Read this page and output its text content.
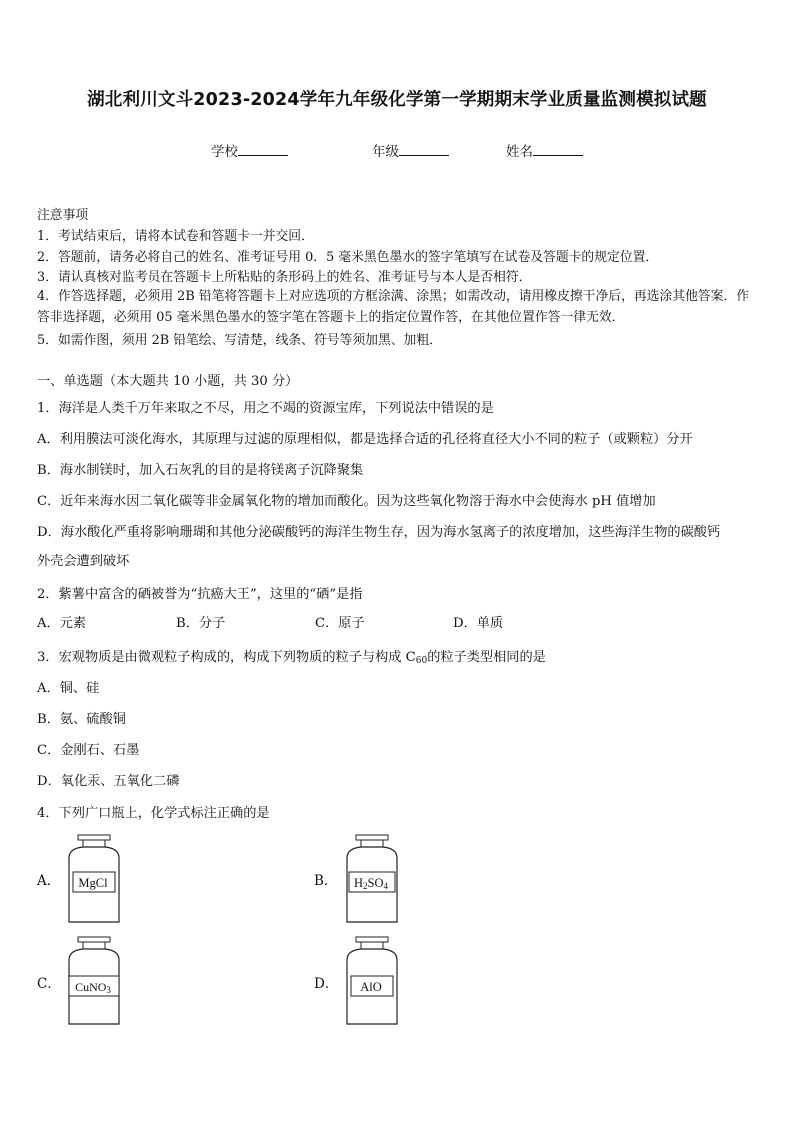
湖北利川文斗2023-2024学年九年级化学第一学期期末学业质量监测模拟试题
学校	年级	姓名
注意事项
1．考试结束后，请将本试卷和答题卡一并交回．
2．答题前，请务必将自己的姓名、准考证号用 0．5 毫米黑色墨水的签字笔填写在试卷及答题卡的规定位置．
3．请认真核对监考员在答题卡上所粘贴的条形码上的姓名、准考证号与本人是否相符．
4．作答选择题，必须用 2B 铅笔将答题卡上对应选项的方框涂满、涂黑；如需改动，请用橡皮擦干净后，再选涂其他答案．作答非选择题，必须用 05 毫米黑色墨水的签字笔在答题卡上的指定位置作答，在其他位置作答一律无效．
5．如需作图，须用 2B 铅笔绘、写清楚，线条、符号等须加黑、加粗．
一、单选题（本大题共 10 小题，共 30 分）
1．海洋是人类千万年来取之不尽，用之不竭的资源宝库，下列说法中错误的是
A．利用膜法可淡化海水，其原理与过滤的原理相似，都是选择合适的孔径将直径大小不同的粒子（或颗粒）分开
B．海水制镁时，加入石灰乳的目的是将镁离子沉降聚集
C．近年来海水因二氧化碳等非金属氧化物的增加而酸化。因为这些氧化物溶于海水中会使海水 pH 值增加
D．海水酸化严重将影响珊瑚和其他分泌碳酸钙的海洋生物生存，因为海水氢离子的浓度增加，这些海洋生物的碳酸钙
外壳会遭到破坏
2．紫薯中富含的硒被誉为“抗癌大王”，这里的“硒”是指
A．元素	B．分子	C．原子	D．单质
3．宏观物质是由微观粒子构成的，构成下列物质的粒子与构成 $C_{60}$的粒子类型相同的是
A．铜、硅
B．氨、硫酸铜
C．金刚石、石墨
D．氧化汞、五氧化二磷
4．下列广口瓶上，化学式标注正确的是
A．	MgCl	B．	$H_2SO_4$
C．	CuNO$_3$	D．	AlO
